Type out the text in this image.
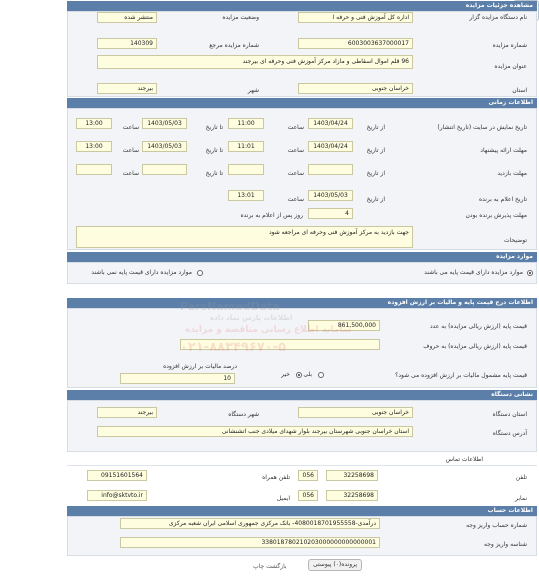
مشاهده جزئیات مزایده
نام دستگاه مزایده گزار
اداره کل آموزش فنی و حرفه ا
وضعیت مزایده
منتشر شده
شماره مزایده
6003003637000017
شماره مزایده مرجع
140309
عنوان مزایده
96 قلم اموال اسقاطی و مازاد مرکز آموزش فنی وحرفه ای بیرجند
استان
خراسان جنوبی
شهر
بیرجند
اطلاعات زمانی
تاریخ نمایش در سایت (تاریخ انتشار)
از تاریخ
1403/04/24
ساعت
11:00
تا تاریخ
1403/05/03
ساعت
13:00
مهلت ارائه پیشنهاد
از تاریخ
1403/04/24
ساعت
11:01
تا تاریخ
1403/05/03
ساعت
13:00
مهلت بازدید
از تاریخ
ساعت
تا تاریخ
ساعت
تاریخ اعلام به برنده
از تاریخ
1403/05/03
ساعت
13:01
مهلت پذیرش برنده بودن
4
روز پس از اعلام به برنده
توضیحات
جهت بازدید به مرکز آموزش فنی وحرفه ای مراجعه شود
موارد مزایده
موارد مزایده دارای قیمت پایه می باشند
موارد مزایده دارای قیمت پایه نمی باشند
اطلاعات درج قیمت پایه و مالیات بر ارزش افزوده
قیمت پایه (ارزش ریالی مزایده) به عدد
861,500,000
قیمت پایه (ارزش ریالی مزایده) به حروف
قیمت پایه مشمول مالیات بر ارزش افزوده می شود؟
بلی
خیر
درصد مالیات بر ارزش افزوده
10
نشانی دستگاه
استان دستگاه
خراسان جنوبی
شهر دستگاه
بیرجند
آدرس دستگاه
استان خراسان جنوبی شهرستان بیرجند بلوار شهدای میلادی جنب اتشنشانی
اطلاعات تماس
تلفن
32258698
056
تلفن همراه
09151601564
نمابر
32258698
056
ایمیل
info@sktvto.ir
اطلاعات حساب
شماره حساب واریز وجه
درآمدی-4080018701955558- بانک مرکزی جمهوری اسلامی ایران شعبه مرکزی
شناسه واریز وجه
338018780210203000000000000001
بازگشت چاپ	پرونده(۰) پیوستی
ParsNamadData
اطلاعات پارس نماد داده
سامانه اطلاع رسانی مناقصه و مزایده
۰۲۱-۸۸۳۴۹۶۷۰-۵
